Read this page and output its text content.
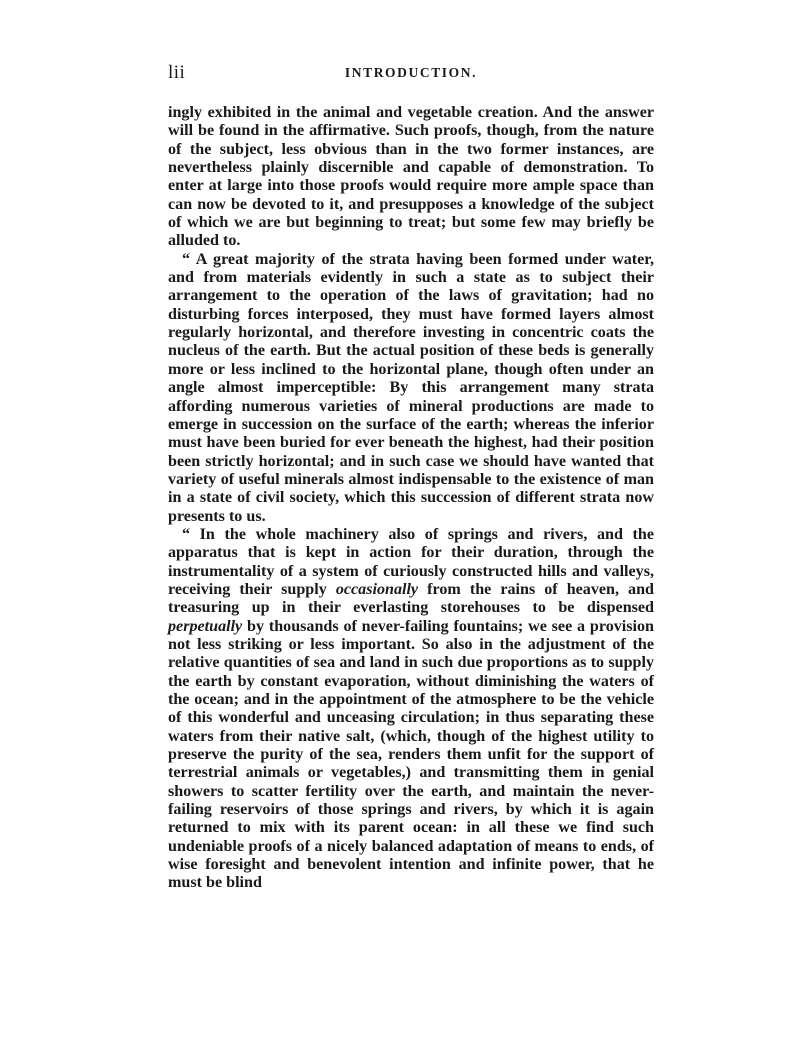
lii	INTRODUCTION.

ingly exhibited in the animal and vegetable creation. And the answer will be found in the affirmative. Such proofs, though, from the nature of the subject, less obvious than in the two former instances, are nevertheless plainly discernible and capable of demonstration. To enter at large into those proofs would require more ample space than can now be devoted to it, and presupposes a knowledge of the subject of which we are but beginning to treat; but some few may briefly be alluded to.

“ A great majority of the strata having been formed under water, and from materials evidently in such a state as to subject their arrangement to the operation of the laws of gravitation; had no disturbing forces interposed, they must have formed layers almost regularly horizontal, and therefore investing in concentric coats the nucleus of the earth. But the actual position of these beds is generally more or less inclined to the horizontal plane, though often under an angle almost imperceptible: By this arrangement many strata affording numerous varieties of mineral productions are made to emerge in succession on the surface of the earth; whereas the inferior must have been buried for ever beneath the highest, had their position been strictly horizontal; and in such case we should have wanted that variety of useful minerals almost indispensable to the existence of man in a state of civil society, which this succession of different strata now presents to us.

“ In the whole machinery also of springs and rivers, and the apparatus that is kept in action for their duration, through the instrumentality of a system of curiously constructed hills and valleys, receiving their supply occasionally from the rains of heaven, and treasuring up in their everlasting storehouses to be dispensed perpetually by thousands of never-failing fountains; we see a provision not less striking or less important. So also in the adjustment of the relative quantities of sea and land in such due proportions as to supply the earth by constant evaporation, without diminishing the waters of the ocean; and in the appointment of the atmosphere to be the vehicle of this wonderful and unceasing circulation; in thus separating these waters from their native salt, (which, though of the highest utility to preserve the purity of the sea, renders them unfit for the support of terrestrial animals or vegetables,) and transmitting them in genial showers to scatter fertility over the earth, and maintain the never-failing reservoirs of those springs and rivers, by which it is again returned to mix with its parent ocean: in all these we find such undeniable proofs of a nicely balanced adaptation of means to ends, of wise foresight and benevolent intention and infinite power, that he must be blind
